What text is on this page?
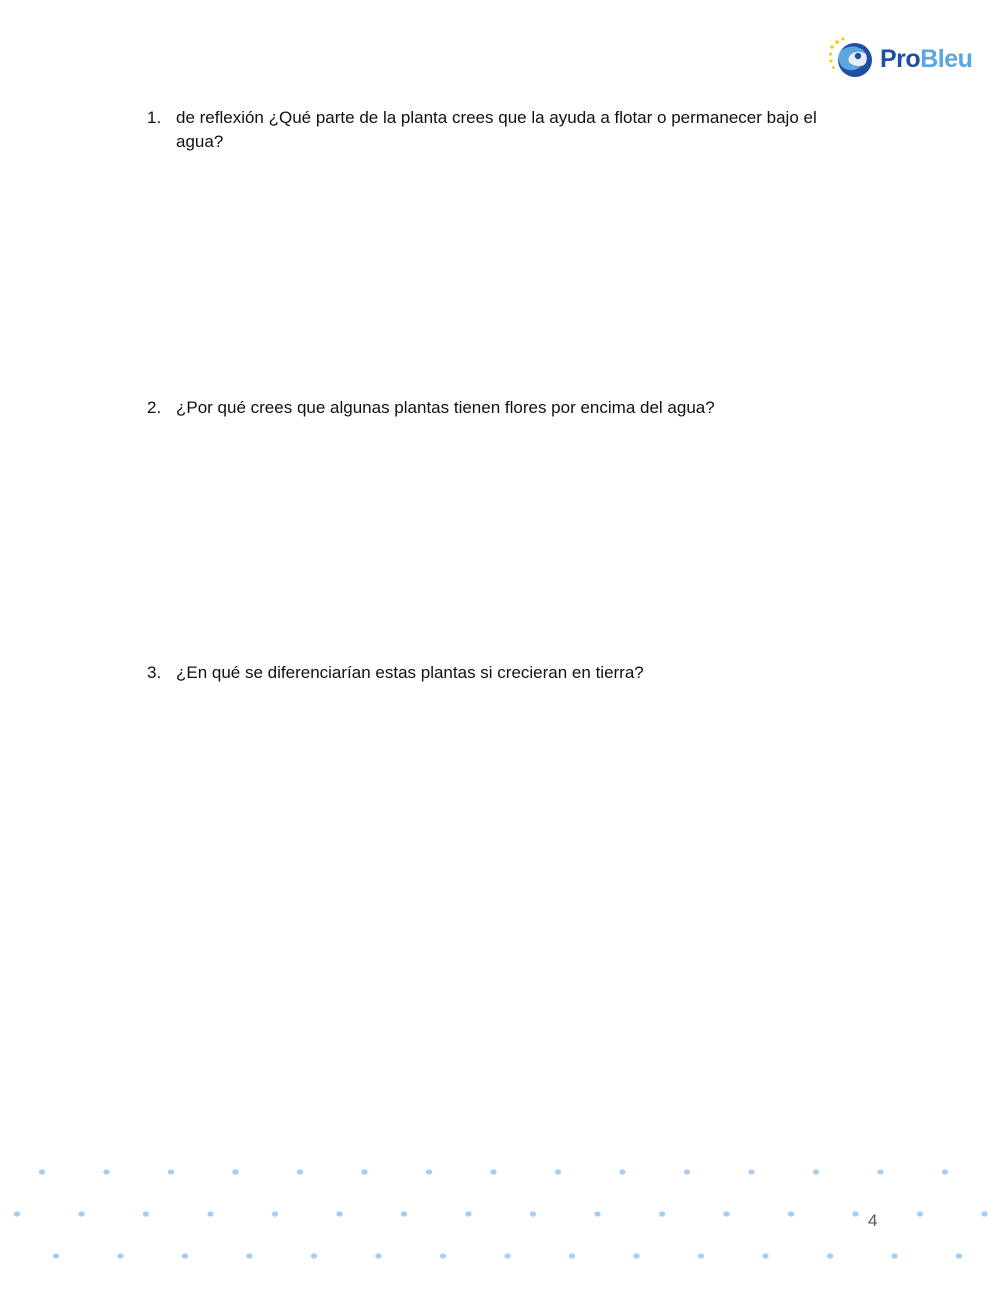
ProBleu
1. de reflexión ¿Qué parte de la planta crees que la ayuda a flotar o permanecer bajo el agua?
2. ¿Por qué crees que algunas plantas tienen flores por encima del agua?
3. ¿En qué se diferenciarían estas plantas si crecieran en tierra?
4
